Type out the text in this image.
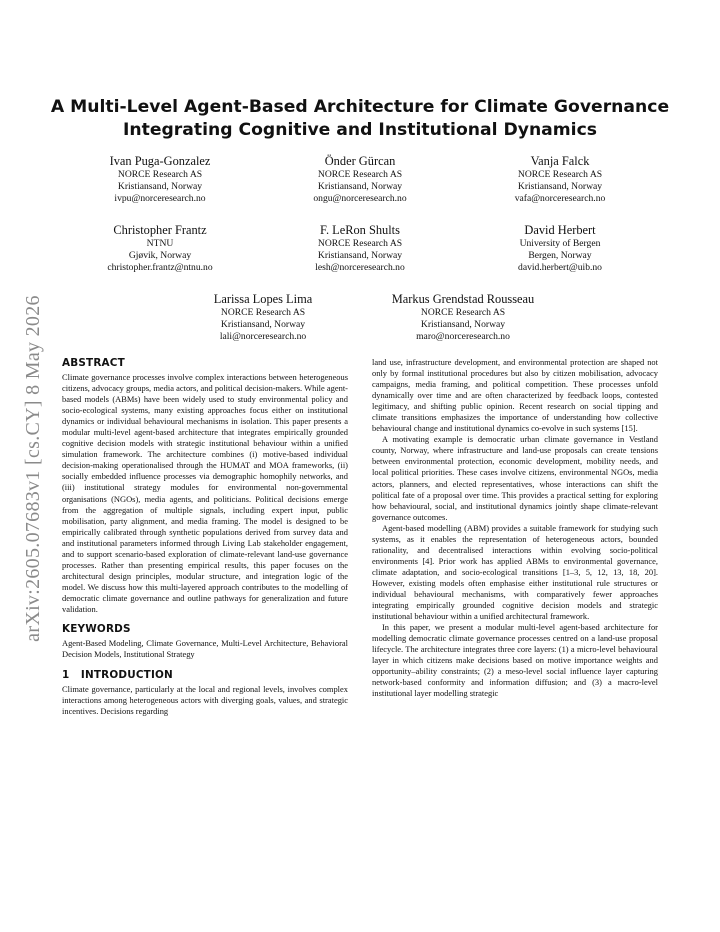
arXiv:2605.07683v1 [cs.CY] 8 May 2026
A Multi-Level Agent-Based Architecture for Climate Governance Integrating Cognitive and Institutional Dynamics
Ivan Puga-Gonzalez
NORCE Research AS
Kristiansand, Norway
ivpu@norceresearch.no
Önder Gürcan
NORCE Research AS
Kristiansand, Norway
ongu@norceresearch.no
Vanja Falck
NORCE Research AS
Kristiansand, Norway
vafa@norceresearch.no
Christopher Frantz
NTNU
Gjøvik, Norway
christopher.frantz@ntnu.no
F. LeRon Shults
NORCE Research AS
Kristiansand, Norway
lesh@norceresearch.no
David Herbert
University of Bergen
Bergen, Norway
david.herbert@uib.no
Larissa Lopes Lima
NORCE Research AS
Kristiansand, Norway
lali@norceresearch.no
Markus Grendstad Rousseau
NORCE Research AS
Kristiansand, Norway
maro@norceresearch.no
ABSTRACT

Climate governance processes involve complex interactions between heterogeneous citizens, advocacy groups, media actors, and political decision-makers. While agent-based models (ABMs) have been widely used to study environmental policy and socio-ecological systems, many existing approaches focus either on institutional dynamics or individual behavioural mechanisms in isolation. This paper presents a modular multi-level agent-based architecture that integrates empirically grounded cognitive decision models with strategic institutional behaviour within a unified simulation framework. The architecture combines (i) motive-based individual decision-making operationalised through the HUMAT and MOA frameworks, (ii) socially embedded influence processes via demographic homophily networks, and (iii) institutional strategy modules for environmental non-governmental organisations (NGOs), media agents, and politicians. Political decisions emerge from the aggregation of multiple signals, including expert input, public mobilisation, party alignment, and media framing. The model is designed to be empirically calibrated through synthetic populations derived from survey data and and institutional parameters informed through Living Lab stakeholder engagement, and to support scenario-based exploration of climate-relevant land-use governance processes. Rather than presenting empirical results, this paper focuses on the architectural design principles, modular structure, and integration logic of the model. We discuss how this multi-layered approach contributes to the modelling of democratic climate governance and outline pathways for generalization and future validation.

KEYWORDS

Agent-Based Modeling, Climate Governance, Multi-Level Architecture, Behavioral Decision Models, Institutional Strategy

1   INTRODUCTION

Climate governance, particularly at the local and regional levels, involves complex interactions among heterogeneous actors with diverging goals, values, and strategic incentives. Decisions regarding

land use, infrastructure development, and environmental protection are shaped not only by formal institutional procedures but also by citizen mobilisation, advocacy campaigns, media framing, and political competition. These processes unfold dynamically over time and are often characterized by feedback loops, contested legitimacy, and shifting public opinion. Recent research on social tipping and climate transitions emphasizes the importance of understanding how collective behavioural change and institutional dynamics co-evolve in such systems [15].

A motivating example is democratic urban climate governance in Vestland county, Norway, where infrastructure and land-use proposals can create tensions between environmental protection, economic development, mobility needs, and local political priorities. These cases involve citizens, environmental NGOs, media actors, planners, and elected representatives, whose interactions can shift the political fate of a proposal over time. This provides a practical setting for exploring how behavioural, social, and institutional dynamics jointly shape climate-relevant governance outcomes.

Agent-based modelling (ABM) provides a suitable framework for studying such systems, as it enables the representation of heterogeneous actors, bounded rationality, and decentralised interactions within evolving socio-political environments [4]. Prior work has applied ABMs to environmental governance, climate adaptation, and socio-ecological transitions [1–3, 5, 12, 13, 18, 20]. However, existing models often emphasise either institutional rule structures or individual behavioural mechanisms, with comparatively fewer approaches integrating empirically grounded cognitive decision models and strategic institutional behaviour within a unified architectural framework.

In this paper, we present a modular multi-level agent-based architecture for modelling democratic climate governance processes centred on a land-use proposal lifecycle. The architecture integrates three core layers: (1) a micro-level behavioural layer in which citizens make decisions based on motive importance weights and opportunity–ability constraints; (2) a meso-level social influence layer capturing network-based conformity and information diffusion; and (3) a macro-level institutional layer modelling strategic
